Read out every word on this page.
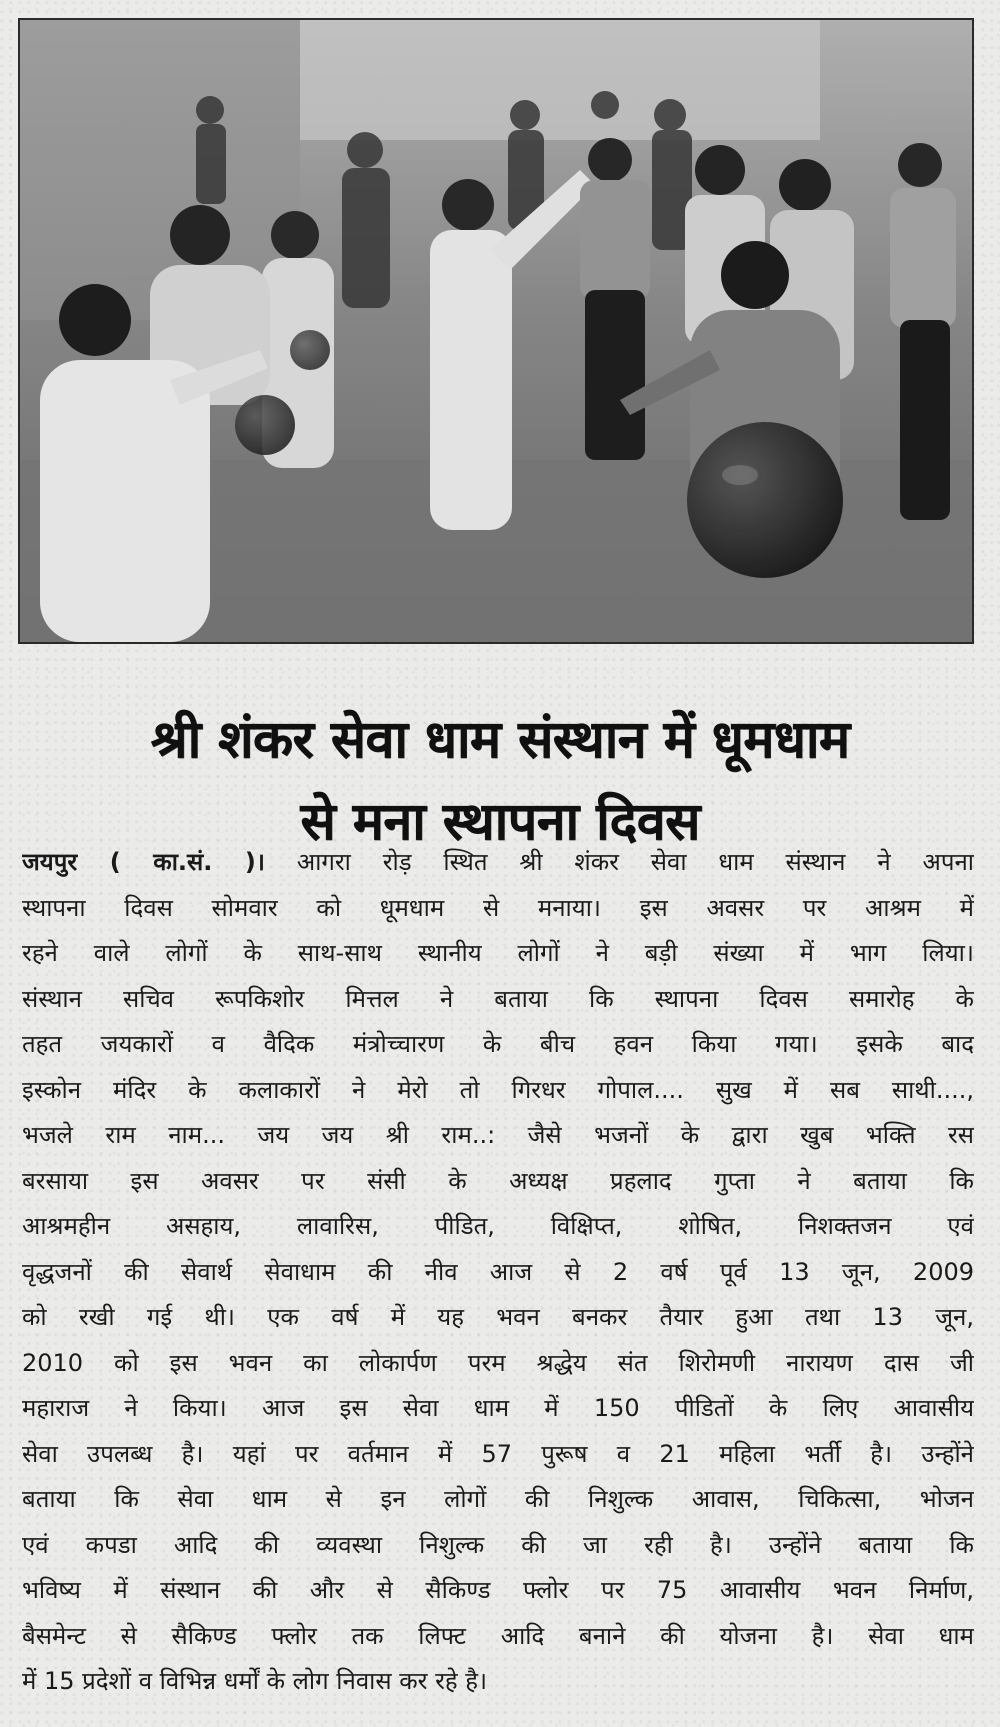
श्री शंकर सेवा धाम संस्थान में धूमधाम
से मना स्थापना दिवस
जयपुर ( का.सं. )। आगरा रोड़ स्थित श्री शंकर सेवा धाम संस्थान ने अपना
स्थापना दिवस सोमवार को धूमधाम से मनाया। इस अवसर पर आश्रम में
रहने वाले लोगों के साथ-साथ स्थानीय लोगों ने बड़ी संख्या में भाग लिया।
संस्थान सचिव रूपकिशोर मित्तल ने बताया कि स्थापना दिवस समारोह के
तहत जयकारों व वैदिक मंत्रोच्चारण के बीच हवन किया गया। इसके बाद
इस्कोन मंदिर के कलाकारों ने मेरो तो गिरधर गोपाल.... सुख में सब साथी....,
भजले राम नाम... जय जय श्री राम..: जैसे भजनों के द्वारा खुब भक्ति रस
बरसाया इस अवसर पर संसी के अध्यक्ष प्रहलाद गुप्ता ने बताया कि
आश्रमहीन असहाय, लावारिस, पीडित, विक्षिप्त, शोषित, निशक्तजन एवं
वृद्धजनों की सेवार्थ सेवाधाम की नीव आज से 2 वर्ष पूर्व 13 जून, 2009
को रखी गई थी। एक वर्ष में यह भवन बनकर तैयार हुआ तथा 13 जून,
2010 को इस भवन का लोकार्पण परम श्रद्धेय संत शिरोमणी नारायण दास जी
महाराज ने किया। आज इस सेवा धाम में 150 पीडितों के लिए आवासीय
सेवा उपलब्ध है। यहां पर वर्तमान में 57 पुरूष व 21 महिला भर्ती है। उन्होंने
बताया कि सेवा धाम से इन लोगों की निशुल्क आवास, चिकित्सा, भोजन
एवं कपडा आदि की व्यवस्था निशुल्क की जा रही है। उन्होंने बताया कि
भविष्य में संस्थान की और से सैकिण्ड फ्लोर पर 75 आवासीय भवन निर्माण,
बैसमेन्ट से सैकिण्ड फ्लोर तक लिफ्ट आदि बनाने की योजना है। सेवा धाम
में 15 प्रदेशों व विभिन्न धर्मों के लोग निवास कर रहे है।
